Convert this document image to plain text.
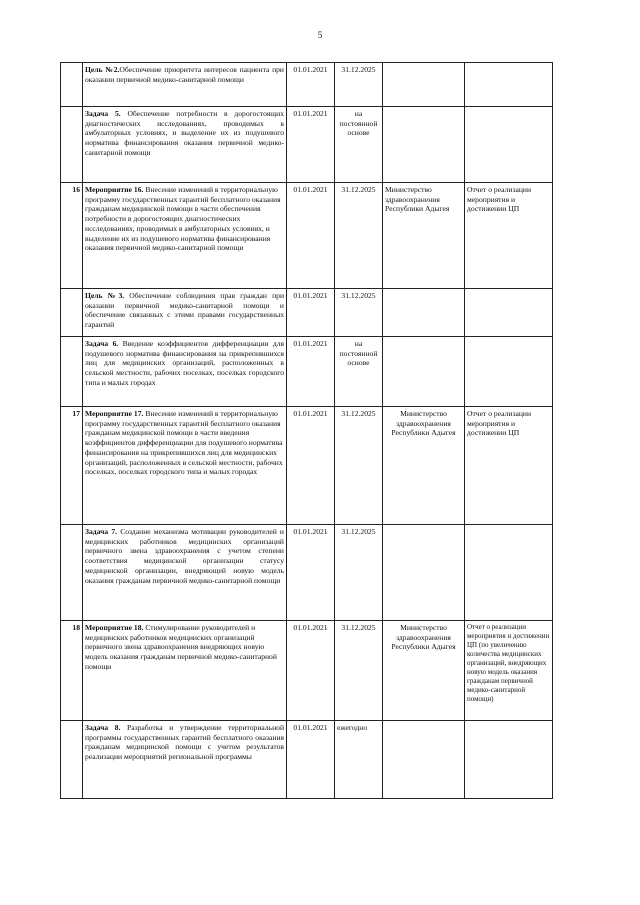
5
	Цель №2.Обеспечение приоритета интересов пациента при оказании первичной медико-санитарной помощи	01.01.2021	31.12.2025		
	Задача 5. Обеспечение потребности в дорогостоящих диагностических исследованиях, проводимых в амбулаторных условиях, и выделение их из подушевого норматива финансирования оказания первичной медико-санитарной помощи	01.01.2021	на постоянной основе		
16	Мероприятие 16. Внесение изменений в территориальную программу государственных гарантий бесплатного оказания гражданам медицинской помощи в части обеспечения потребности в дорогостоящих диагностических исследованиях, проводимых в амбулаторных условиях, и выделение их из подушевого норматива финансирования оказания первичной медико-санитарной помощи	01.01.2021	31.12.2025	Министерство здравоохранения Республики Адыгея	Отчет о реализации мероприятия и достижении ЦП
	Цель №3. Обеспечение соблюдения прав граждан при оказании первичной медико-санитарной помощи и обеспечение связанных с этими правами государственных гарантий	01.01.2021	31.12.2025		
	Задача 6. Введение коэффициентов дифференциации для подушевого норматива финансирования на прикрепившихся лиц для медицинских организаций, расположенных в сельской местности, рабочих поселках, поселках городского типа и малых городах	01.01.2021	на постоянной основе		
17	Мероприятие 17. Внесение изменений в территориальную программу государственных гарантий бесплатного оказания гражданам медицинской помощи в части введения коэффициентов дифференциации для подушевого норматива финансирования на прикрепившихся лиц для медицинских организаций, расположенных в сельской местности, рабочих поселках, поселках городского типа и малых городах	01.01.2021	31.12.2025	Министерство здравоохранения Республики Адыгея	Отчет о реализации мероприятия и достижении ЦП
	Задача 7. Создание механизма мотивации руководителей и медицинских работников медицинских организаций первичного звена здравоохранения с учетом степени соответствия медицинской организации статусу медицинской организации, внедряющей новую модель оказания гражданам первичной медико-санитарной помощи	01.01.2021	31.12.2025		
18	Мероприятие 18. Стимулирование руководителей и медицинских работников медицинских организаций первичного звена здравоохранения внедряющих новую модель оказания гражданам первичной медико-санитарной помощи	01.01.2021	31.12.2025	Министерство здравоохранения Республики Адыгея	Отчет о реализации мероприятия и достижении ЦП (по увеличению количества медицинских организаций, внедряющих новую модель оказания гражданам первичной медико-санитарной помощи)
	Задача 8. Разработка и утверждение территориальной программы государственных гарантий бесплатного оказания гражданам медицинской помощи с учетом результатов реализации мероприятий региональной программы	01.01.2021	ежегодно		
